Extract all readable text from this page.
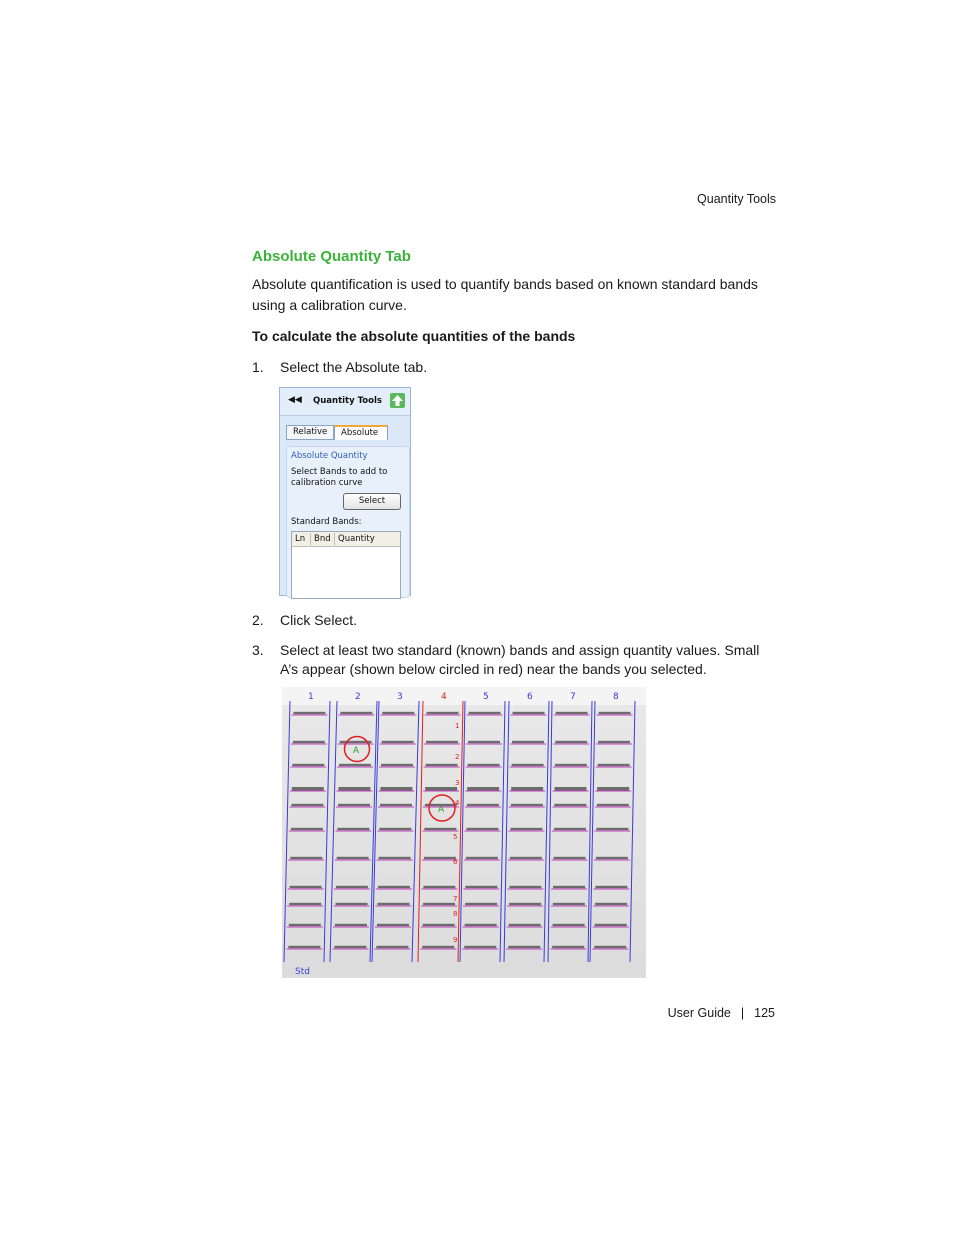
Quantity Tools
Absolute Quantity Tab
Absolute quantification is used to quantify bands based on known standard bands
using a calibration curve.
To calculate the absolute quantities of the bands
1.	Select the Absolute tab.
◀◀ Quantity Tools
Relative	Absolute
Absolute Quantity
Select Bands to add to
calibration curve
Select
Standard Bands:
Ln Bnd Quantity
2.	Click Select.
3.	Select at least two standard (known) bands and assign quantity values. Small
A’s appear (shown below circled in red) near the bands you selected.
1	2	3	4	5	6	7	8
1
2
3
4
5
6
7
8
9
A
A
Std
User Guide | 125
